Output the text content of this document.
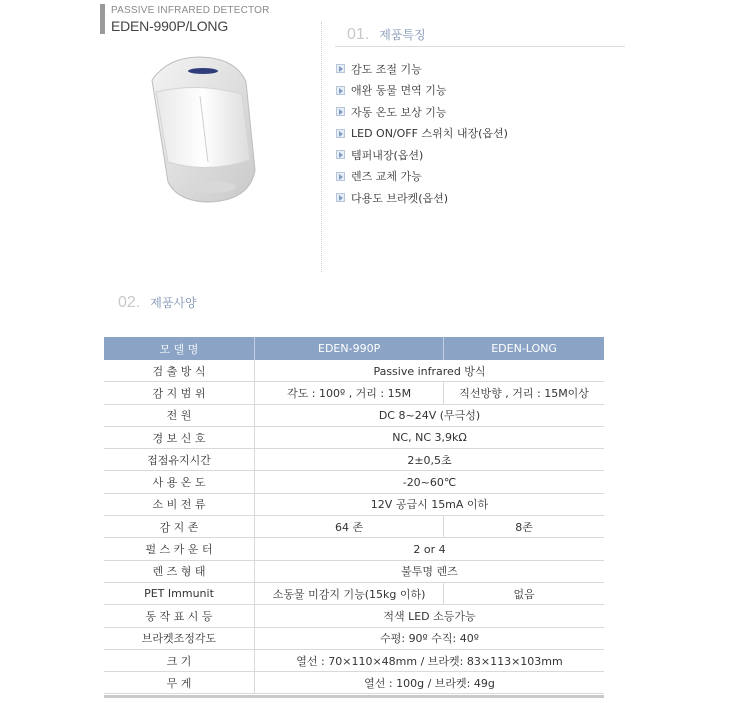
PASSIVE INFRARED DETECTOR
EDEN-990P/LONG	01. 제품특징
감도 조절 기능
애완 동물 면역 기능
자동 온도 보상 기능
LED ON/OFF 스위치 내장(옵션)
템퍼내장(옵션)
렌즈 교체 가능
다용도 브라켓(옵션)
02. 제품사양
모 델 명	EDEN-990P	EDEN-LONG
검 출 방 식	Passive infrared 방식	
감 지 범 위	각도 : 100º , 거리 : 15M	직선방향 , 거리 : 15M이상
전 원	DC 8~24V (무극성)	
경 보 신 호	NC, NC 3,9kΩ	
접점유지시간	2±0,5초	
사 용 온 도	-20~60℃	
소 비 전 류	12V 공급시 15mA 이하	
감 지 존	64 존	8존
펄 스 카 운 터	2 or 4	
렌 즈 형 태	불투명 렌즈	
PET Immunit	소동물 미감지 기능(15kg 이하)	없음
동 작 표 시 등	적색 LED 소등가능	
브라켓조정각도	수평: 90º 수직: 40º	
크 기	열선 : 70×110×48mm / 브라켓: 83×113×103mm	
무 게	열선 : 100g / 브라켓: 49g	
